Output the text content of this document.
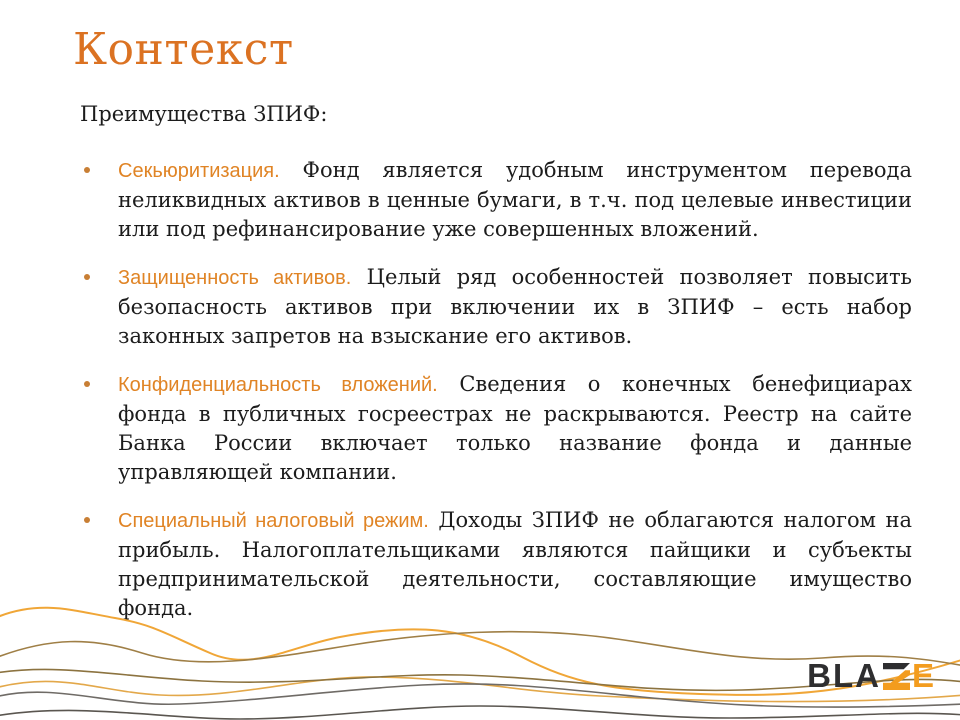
Контекст

Преимущества ЗПИФ:

Секьюритизация. Фонд является удобным инструментом перевода неликвидных активов в ценные бумаги, в т.ч. под целевые инвестиции или под рефинансирование уже совершенных вложений.
Защищенность активов. Целый ряд особенностей позволяет повысить безопасность активов при включении их в ЗПИФ – есть набор законных запретов на взыскание его активов.
Конфиденциальность вложений. Сведения о конечных бенефициарах фонда в публичных госреестрах не раскрываются. Реестр на сайте Банка России включает только название фонда и данные управляющей компании.
Специальный налоговый режим. Доходы ЗПИФ не облагаются налогом на прибыль. Налогоплательщиками являются пайщики и субъекты предпринимательской деятельности, составляющие имущество фонда.
BLA E
